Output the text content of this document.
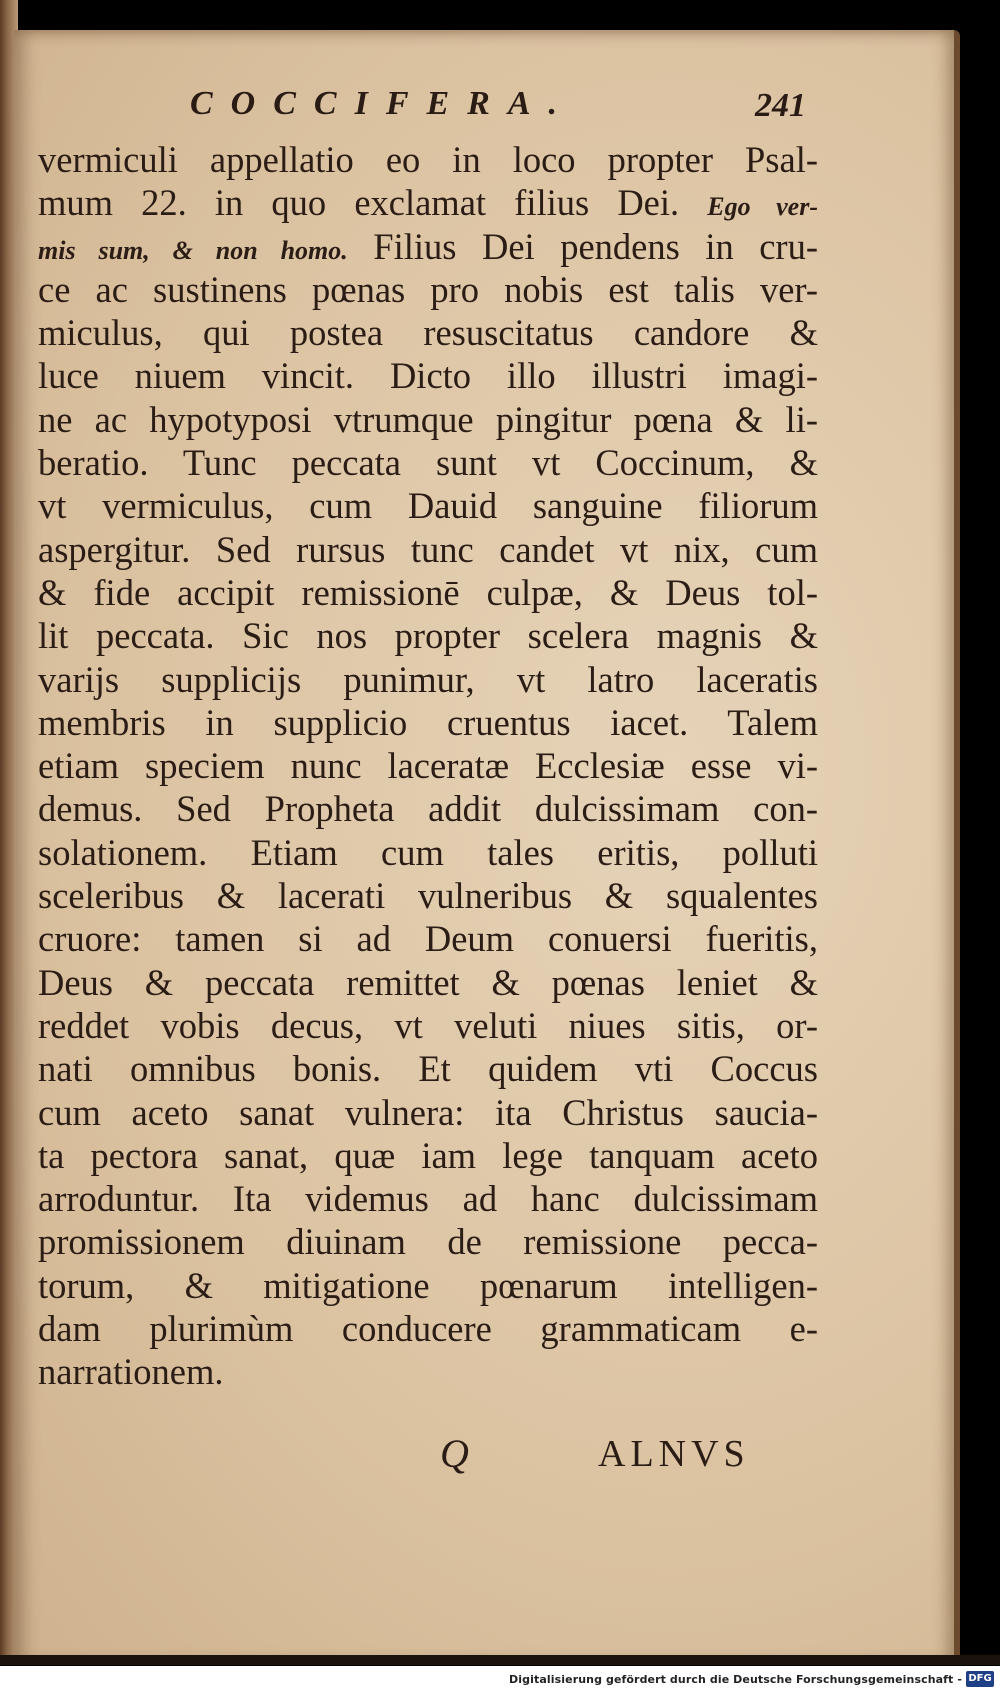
COCCIFERA.	241
vermiculi appellatio eo in loco propter Psal-
mum 22. in quo exclamat filius Dei. Ego ver-
mis sum, & non homo. Filius Dei pendens in cru-
ce ac sustinens pœnas pro nobis est talis ver-
miculus, qui postea resuscitatus candore &
luce niuem vincit. Dicto illo illustri imagi-
ne ac hypotyposi vtrumque pingitur pœna & li-
beratio. Tunc peccata sunt vt Coccinum, &
vt vermiculus, cum Dauid sanguine filiorum
aspergitur. Sed rursus tunc candet vt nix, cum
& fide accipit remissionē culpæ, & Deus tol-
lit peccata. Sic nos propter scelera magnis &
varijs supplicijs punimur, vt latro laceratis
membris in supplicio cruentus iacet. Talem
etiam speciem nunc laceratæ Ecclesiæ esse vi-
demus. Sed Propheta addit dulcissimam con-
solationem. Etiam cum tales eritis, polluti
sceleribus & lacerati vulneribus & squalentes
cruore: tamen si ad Deum conuersi fueritis,
Deus & peccata remittet & pœnas leniet &
reddet vobis decus, vt veluti niues sitis, or-
nati omnibus bonis. Et quidem vti Coccus
cum aceto sanat vulnera: ita Christus saucia-
ta pectora sanat, quæ iam lege tanquam aceto
arroduntur. Ita videmus ad hanc dulcissimam
promissionem diuinam de remissione pecca-
torum, & mitigatione pœnarum intelligen-
dam plurimùm conducere grammaticam e-
narrationem.
Q	ALNVS
Digitalisierung gefördert durch die Deutsche Forschungsgemeinschaft - DFG
